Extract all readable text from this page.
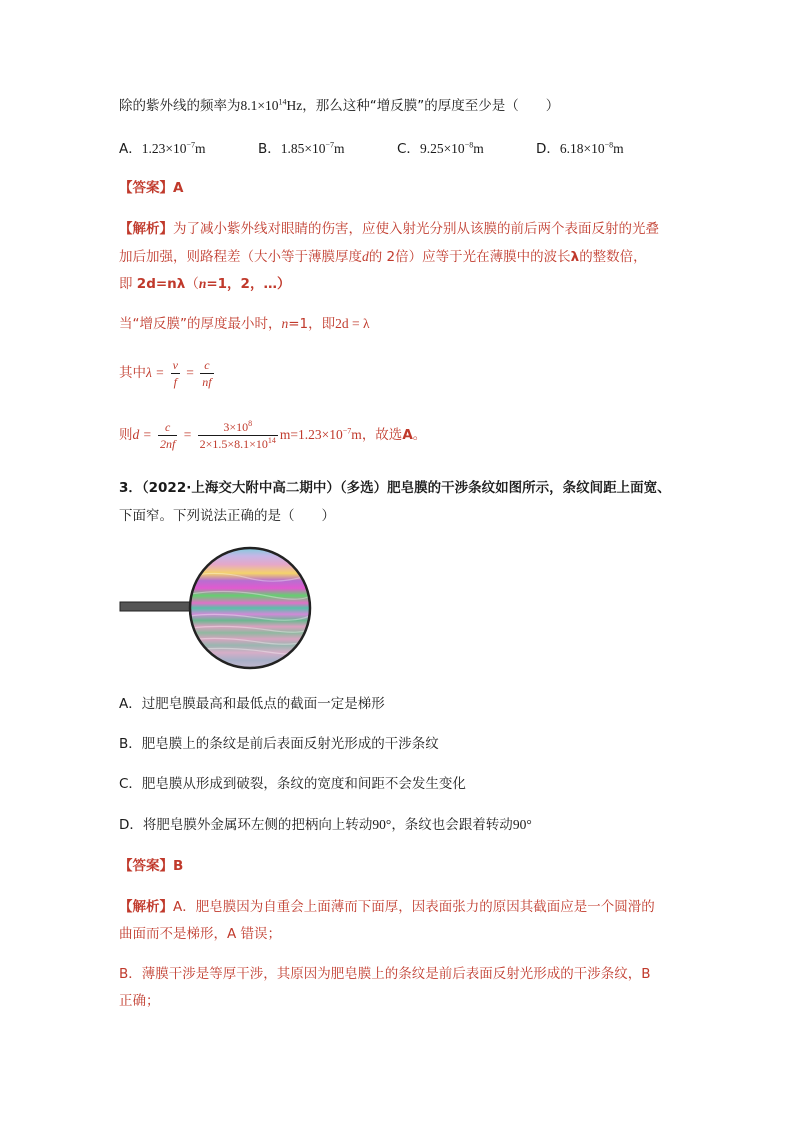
除的紫外线的频率为$8.1\times 10^{14}Hz$，那么这种“增反膜”的厚度至少是（　　）
A．$1.23\times 10^{-7}m$	B．$1.85\times 10^{-7}m$	C．$9.25\times 10^{-8}m$	D．$6.18\times 10^{-8}m$
【答案】A
【解析】为了减小紫外线对眼睛的伤害，应使入射光分别从该膜的前后两个表面反射的光叠
加后加强，则路程差（大小等于薄膜厚度d的 2倍）应等于光在薄膜中的波长λ的整数倍，
即 2d=nλ（n=1，2，…）
当“增反膜”的厚度最小时，n=1，即2d = λ
其中$\lambda = \frac{v}{f} = \frac{c}{nf}$
则$d = \frac{c}{2nf} = \frac{3\times 10^8}{2\times 1.5\times 8.1\times 10^{14}} m=1.23\times 10^{-7}m$，故选A。
3．（2022·上海交大附中高二期中）（多选）肥皂膜的干涉条纹如图所示，条纹间距上面宽、
下面窄。下列说法正确的是（　　）
A．过肥皂膜最高和最低点的截面一定是梯形
B．肥皂膜上的条纹是前后表面反射光形成的干涉条纹
C．肥皂膜从形成到破裂，条纹的宽度和间距不会发生变化
D．将肥皂膜外金属环左侧的把柄向上转动90°，条纹也会跟着转动90°
【答案】B
【解析】A．肥皂膜因为自重会上面薄而下面厚，因表面张力的原因其截面应是一个圆滑的
曲面而不是梯形，A 错误；
B．薄膜干涉是等厚干涉，其原因为肥皂膜上的条纹是前后表面反射光形成的干涉条纹，B
正确；
